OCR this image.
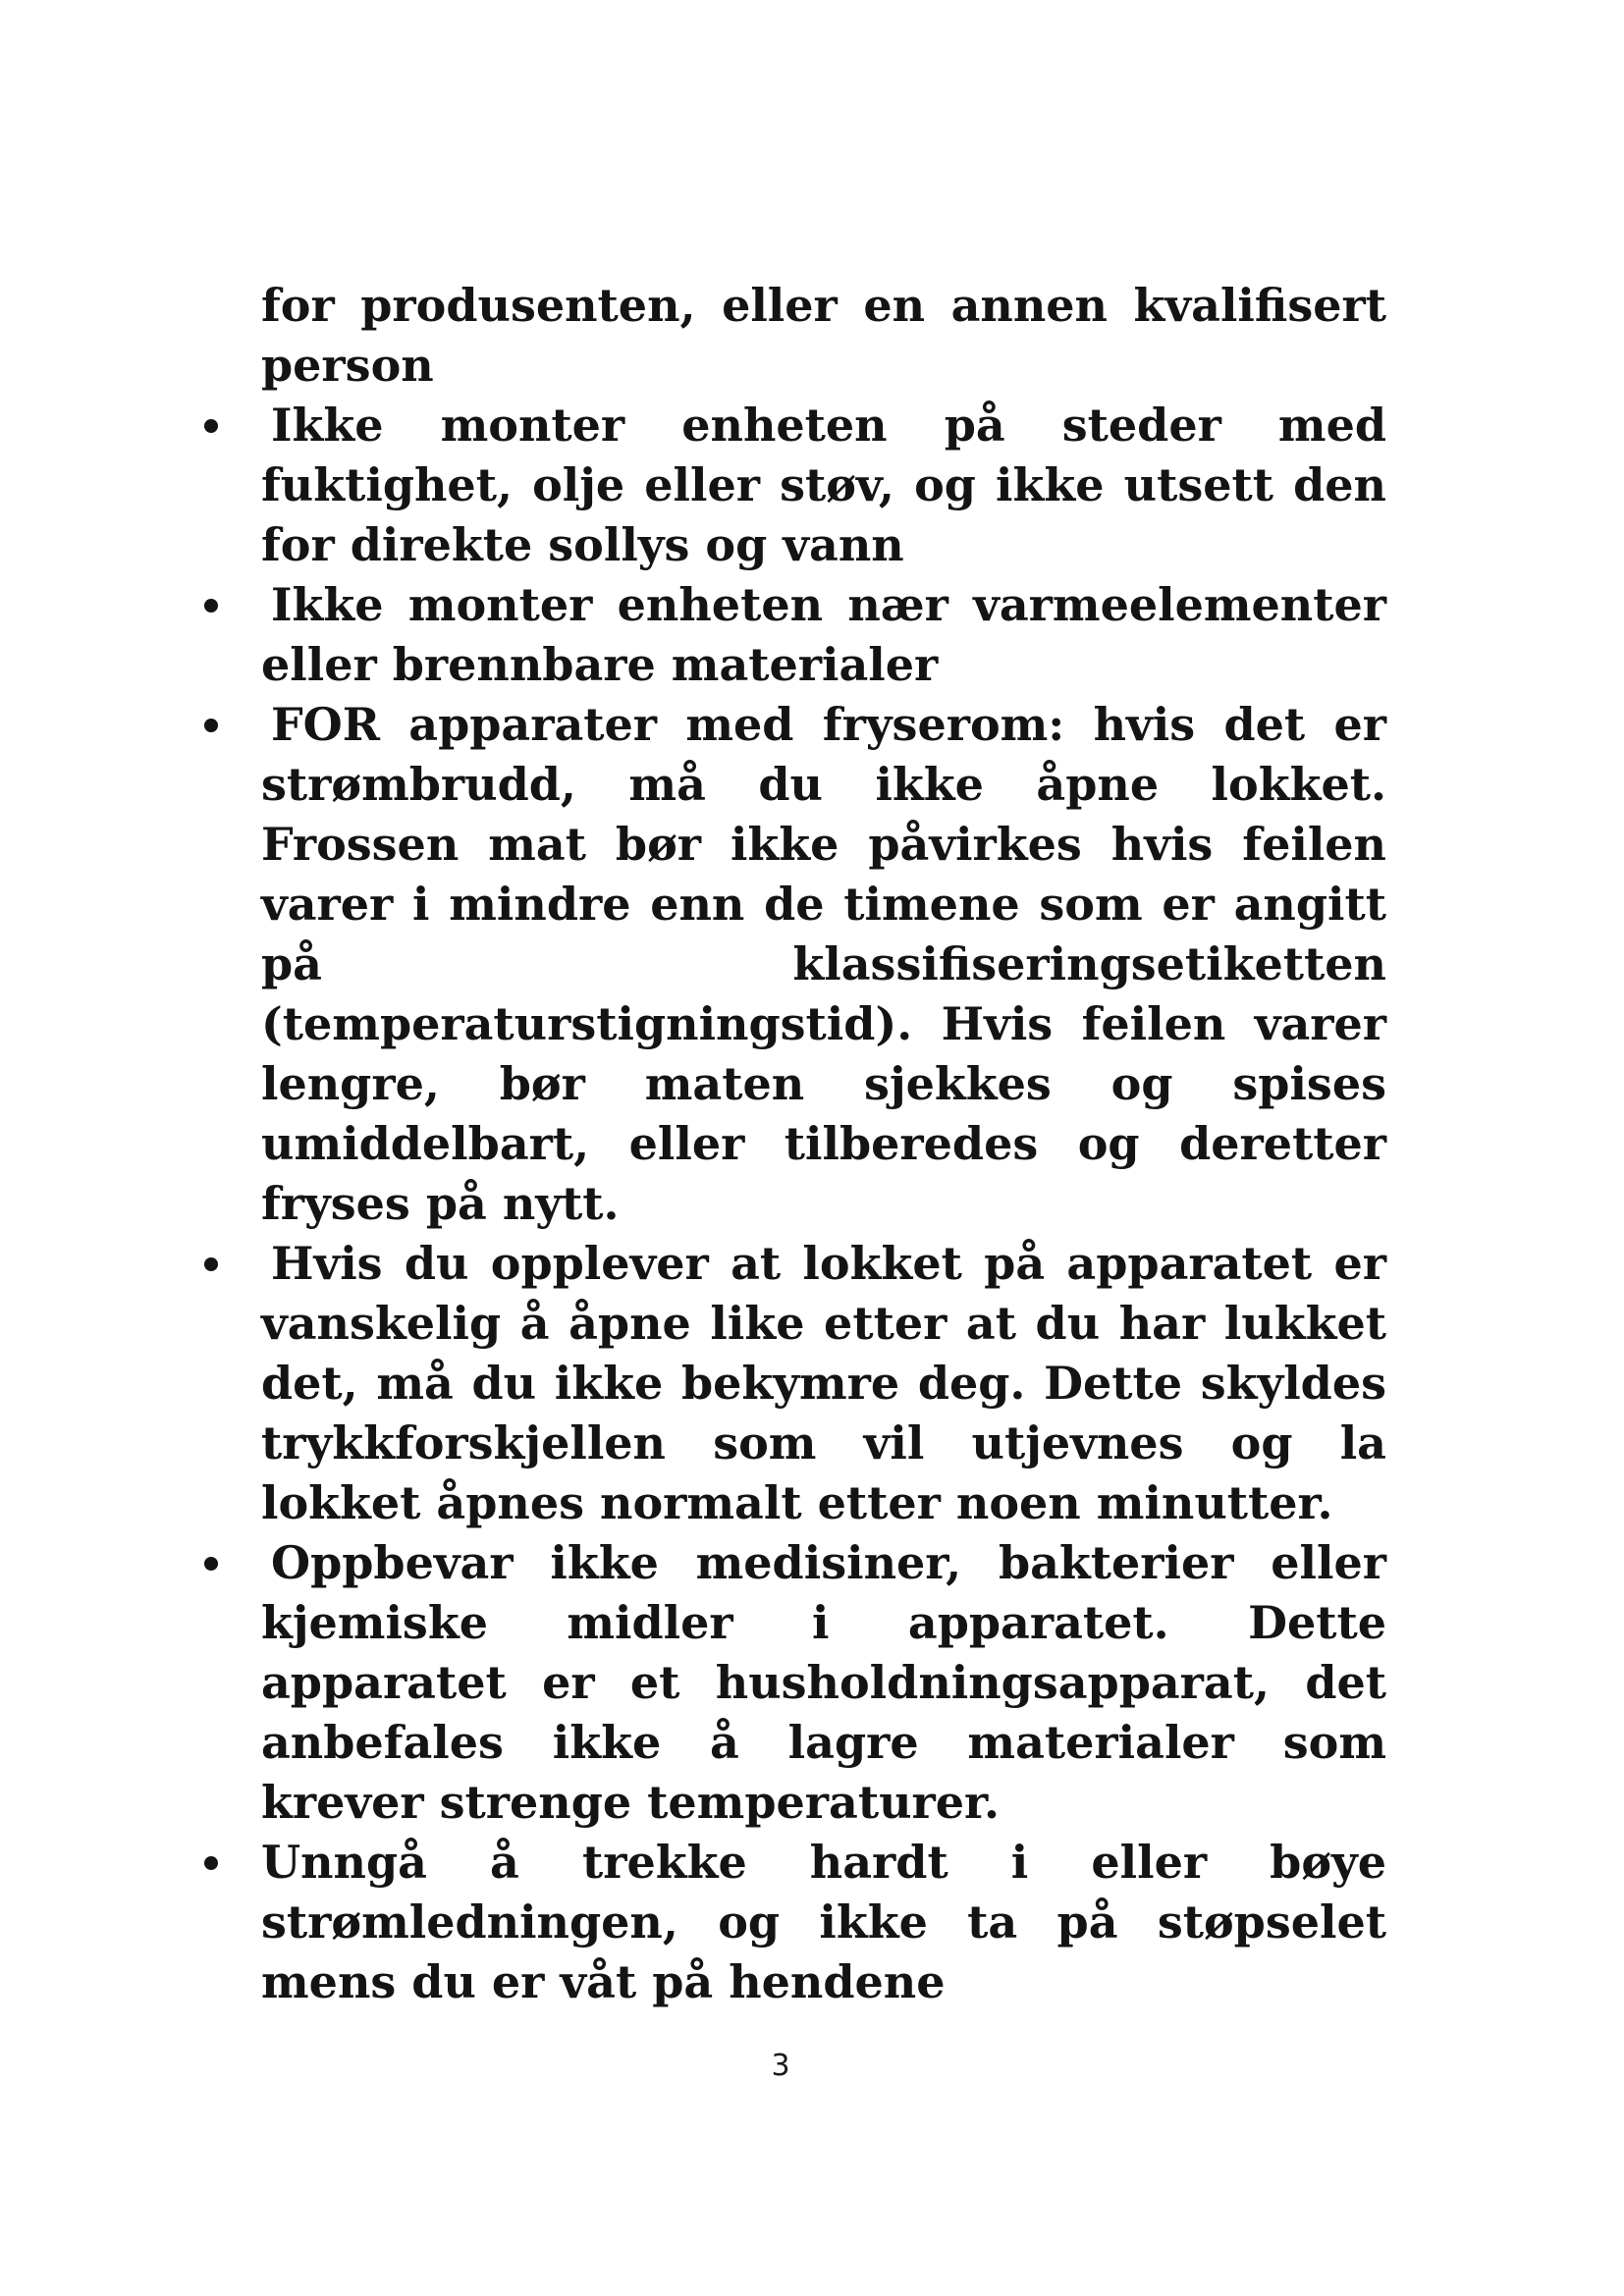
for produsenten, eller en annen kvalifisert person

Ikke monter enheten på steder med fuktighet, olje eller støv, og ikke utsett den for direkte sollys og vann
Ikke monter enheten nær varmeelementer eller brennbare materialer
FOR apparater med fryserom: hvis det er strømbrudd, må du ikke åpne lokket. Frossen mat bør ikke påvirkes hvis feilen varer i mindre enn de timene som er angitt på klassifiseringsetiketten (temperaturstigningstid). Hvis feilen varer lengre, bør maten sjekkes og spises umiddelbart, eller tilberedes og deretter fryses på nytt.
Hvis du opplever at lokket på apparatet er vanskelig å åpne like etter at du har lukket det, må du ikke bekymre deg. Dette skyldes trykkforskjellen som vil utjevnes og la lokket åpnes normalt etter noen minutter.
Oppbevar ikke medisiner, bakterier eller kjemiske midler i apparatet. Dette apparatet er et husholdningsapparat, det anbefales ikke å lagre materialer som krever strenge temperaturer.
Unngå å trekke hardt i eller bøye strømledningen, og ikke ta på støpselet mens du er våt på hendene
3
